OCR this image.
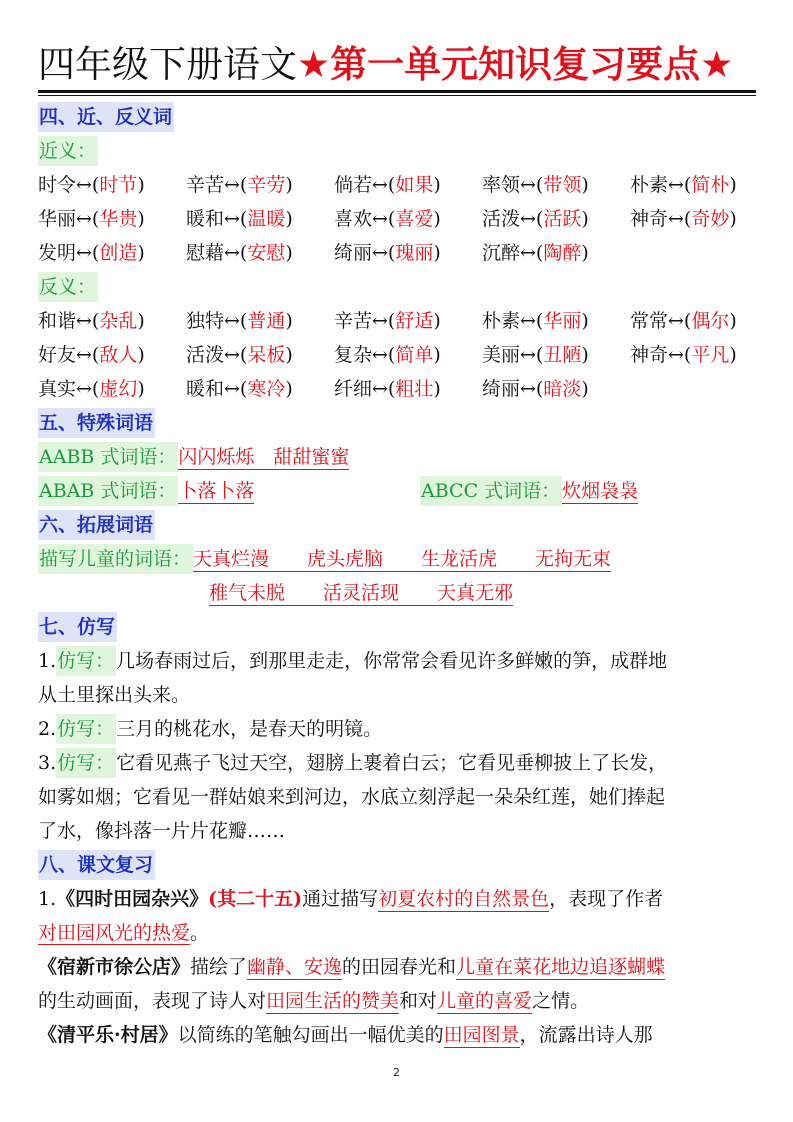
四年级下册语文★第一单元知识复习要点★
四、近、反义词
近义：
时令↔(时节) 辛苦↔(辛劳) 倘若↔(如果) 率领↔(带领) 朴素↔(简朴)
华丽↔(华贵) 暖和↔(温暖) 喜欢↔(喜爱) 活泼↔(活跃) 神奇↔(奇妙)
发明↔(创造) 慰藉↔(安慰) 绮丽↔(瑰丽) 沉醉↔(陶醉)
反义：
和谐↔(杂乱) 独特↔(普通) 辛苦↔(舒适) 朴素↔(华丽) 常常↔(偶尔)
好友↔(敌人) 活泼↔(呆板) 复杂↔(简单) 美丽↔(丑陋) 神奇↔(平凡)
真实↔(虚幻) 暖和↔(寒冷) 纤细↔(粗壮) 绮丽↔(暗淡)
五、特殊词语
AABB 式词语： 闪闪烁烁　甜甜蜜蜜
ABAB 式词语： 卜落卜落	ABCC 式词语： 炊烟袅袅
六、拓展词语
描写儿童的词语： 天真烂漫　　虎头虎脑　　生龙活虎　　无拘无束
稚气未脱　　活灵活现　　天真无邪
七、仿写
1.仿写： 几场春雨过后，到那里走走，你常常会看见许多鲜嫩的笋，成群地
从土里探出头来。
2.仿写： 三月的桃花水，是春天的明镜。
3.仿写： 它看见燕子飞过天空，翅膀上裹着白云；它看见垂柳披上了长发，
如雾如烟；它看见一群姑娘来到河边，水底立刻浮起一朵朵红莲，她们捧起
了水，像抖落一片片花瓣……
八、课文复习
1.《四时田园杂兴》(其二十五)通过描写初夏农村的自然景色，表现了作者
对田园风光的热爱。
《宿新市徐公店》描绘了幽静、安逸的田园春光和儿童在菜花地边追逐蝴蝶
的生动画面，表现了诗人对田园生活的赞美和对儿童的喜爱之情。
《清平乐·村居》以简练的笔触勾画出一幅优美的田园图景，流露出诗人那
2
